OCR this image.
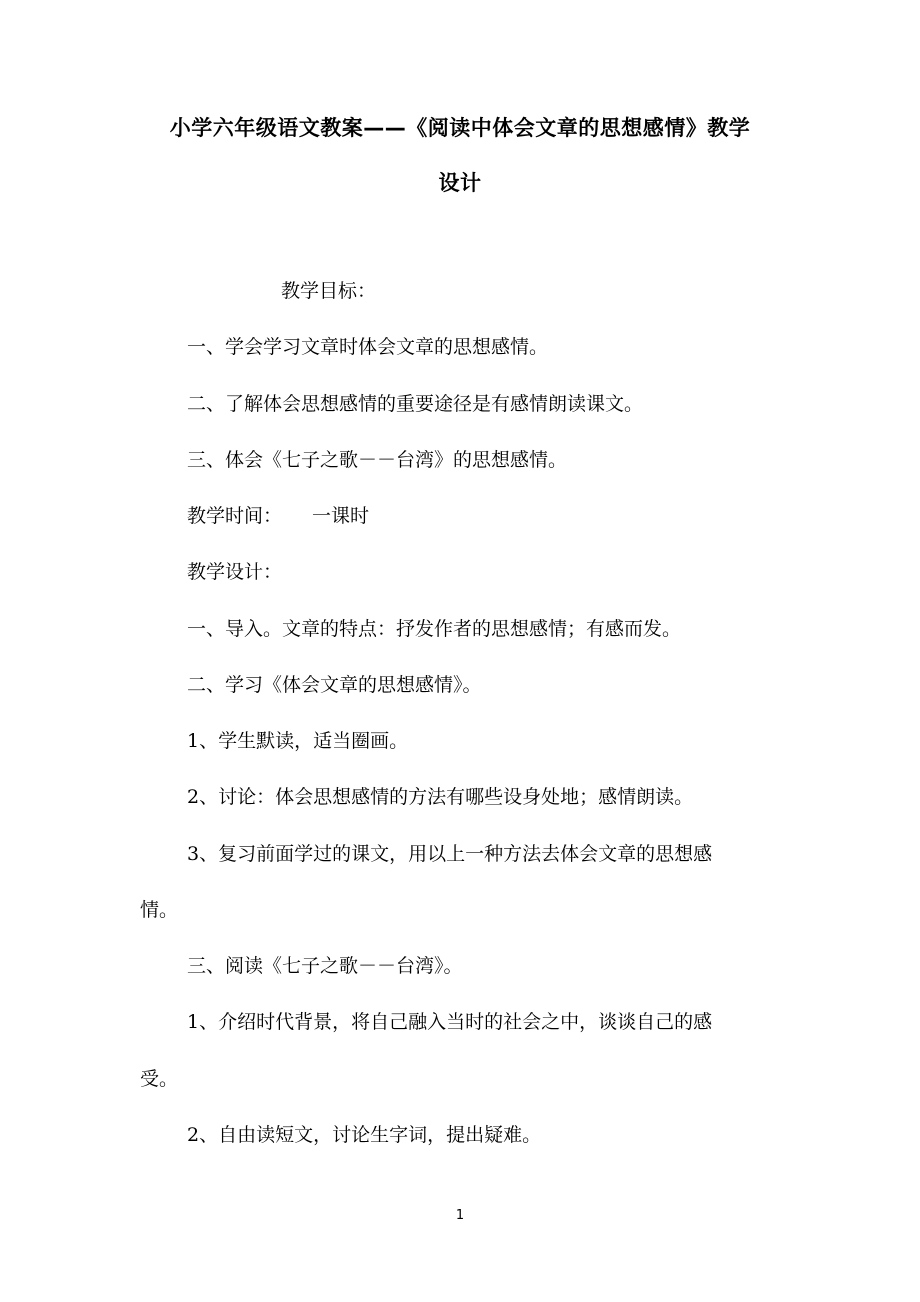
小学六年级语文教案——《阅读中体会文章的思想感情》教学
设计
教学目标：
一、学会学习文章时体会文章的思想感情。
二、了解体会思想感情的重要途径是有感情朗读课文。
三、体会《七子之歌－－台湾》的思想感情。
教学时间： 一课时
教学设计：
一、导入。文章的特点：抒发作者的思想感情；有感而发。
二、学习《体会文章的思想感情》。
1、学生默读，适当圈画。
2、讨论：体会思想感情的方法有哪些设身处地；感情朗读。
3、复习前面学过的课文，用以上一种方法去体会文章的思想感
情。
三、阅读《七子之歌－－台湾》。
1、介绍时代背景，将自己融入当时的社会之中，谈谈自己的感
受。
2、自由读短文，讨论生字词，提出疑难。
1
